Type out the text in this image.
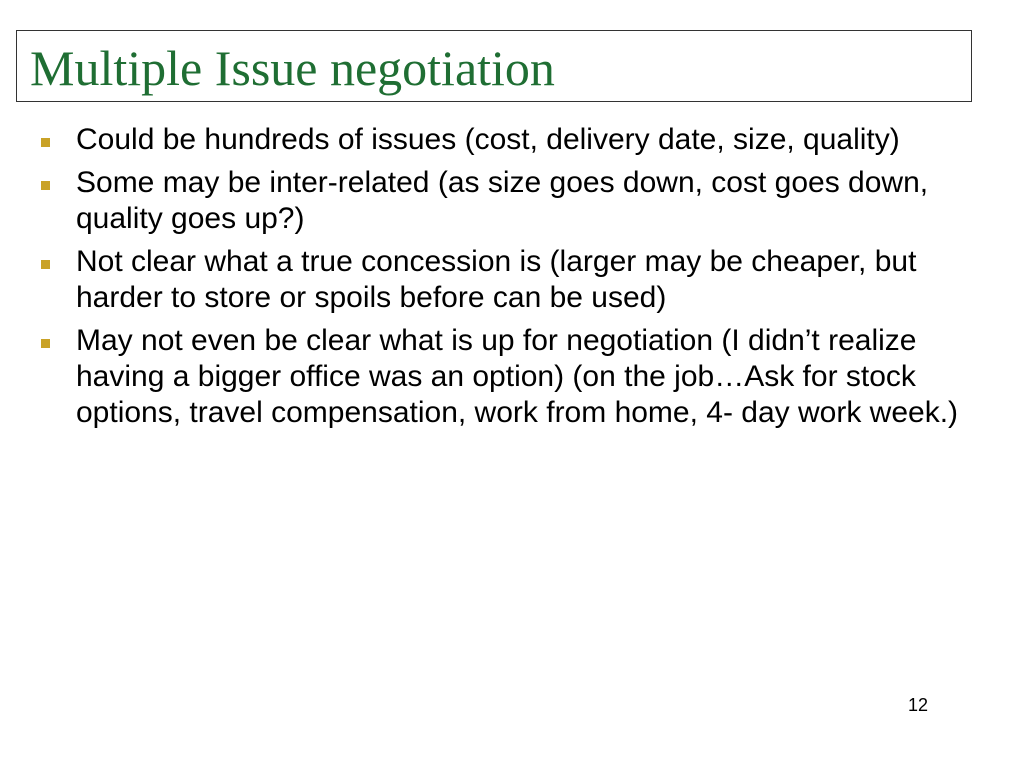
Multiple Issue negotiation
Could be hundreds of issues (cost, delivery date, size, quality)
Some may be inter-related (as size goes down, cost goes down, quality goes up?)
Not clear what a true concession is (larger may be cheaper, but harder to store or spoils before can be used)
May not even be clear what is up for negotiation (I didn’t realize having a bigger office was an option) (on the job…Ask for stock options, travel compensation, work from home, 4- day work week.)
12
